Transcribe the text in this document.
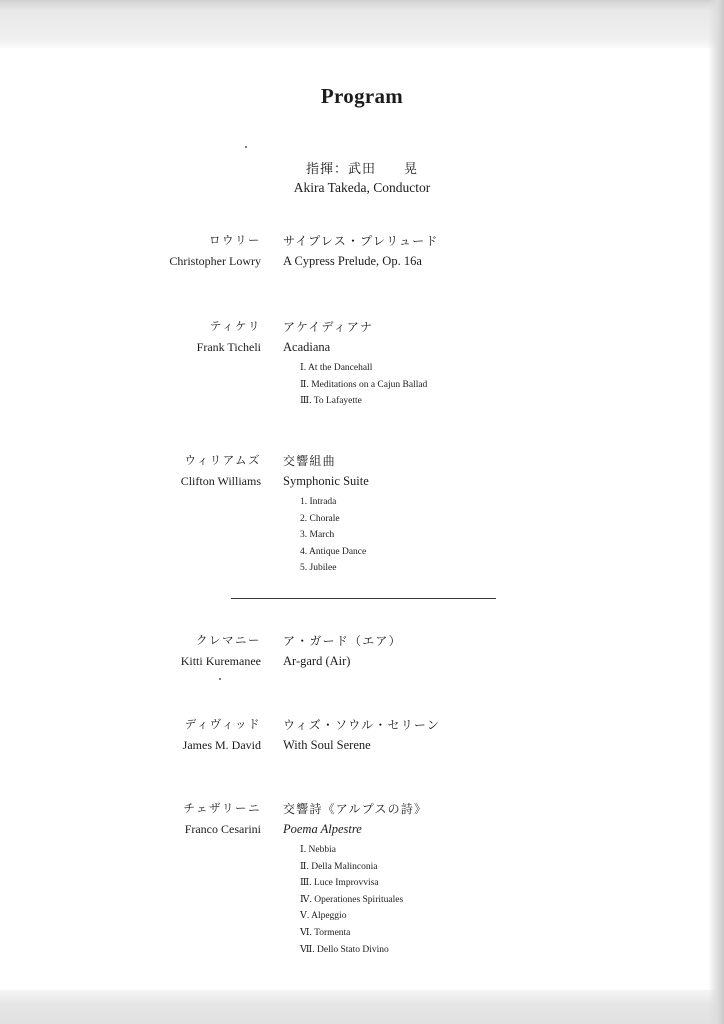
Program
指揮：武田　　晃
Akira Takeda, Conductor
ロウリー
Christopher Lowry
サイプレス・プレリュード
A Cypress Prelude, Op. 16a
ティケリ
Frank Ticheli
アケイディアナ
Acadiana
Ⅰ. At the Dancehall
Ⅱ. Meditations on a Cajun Ballad
Ⅲ. To Lafayette
ウィリアムズ
Clifton Williams
交響組曲
Symphonic Suite
1. Intrada
2. Chorale
3. March
4. Antique Dance
5. Jubilee
クレマニー
Kitti Kuremanee
ア・ガード（エア）
Ar-gard (Air)
ディヴィッド
James M. David
ウィズ・ソウル・セリーン
With Soul Serene
チェザリーニ
Franco Cesarini
交響詩《アルプスの詩》
Poema Alpestre
Ⅰ. Nebbia
Ⅱ. Della Malinconia
Ⅲ. Luce Improvvisa
Ⅳ. Operationes Spirituales
Ⅴ. Alpeggio
Ⅵ. Tormenta
Ⅶ. Dello Stato Divino
